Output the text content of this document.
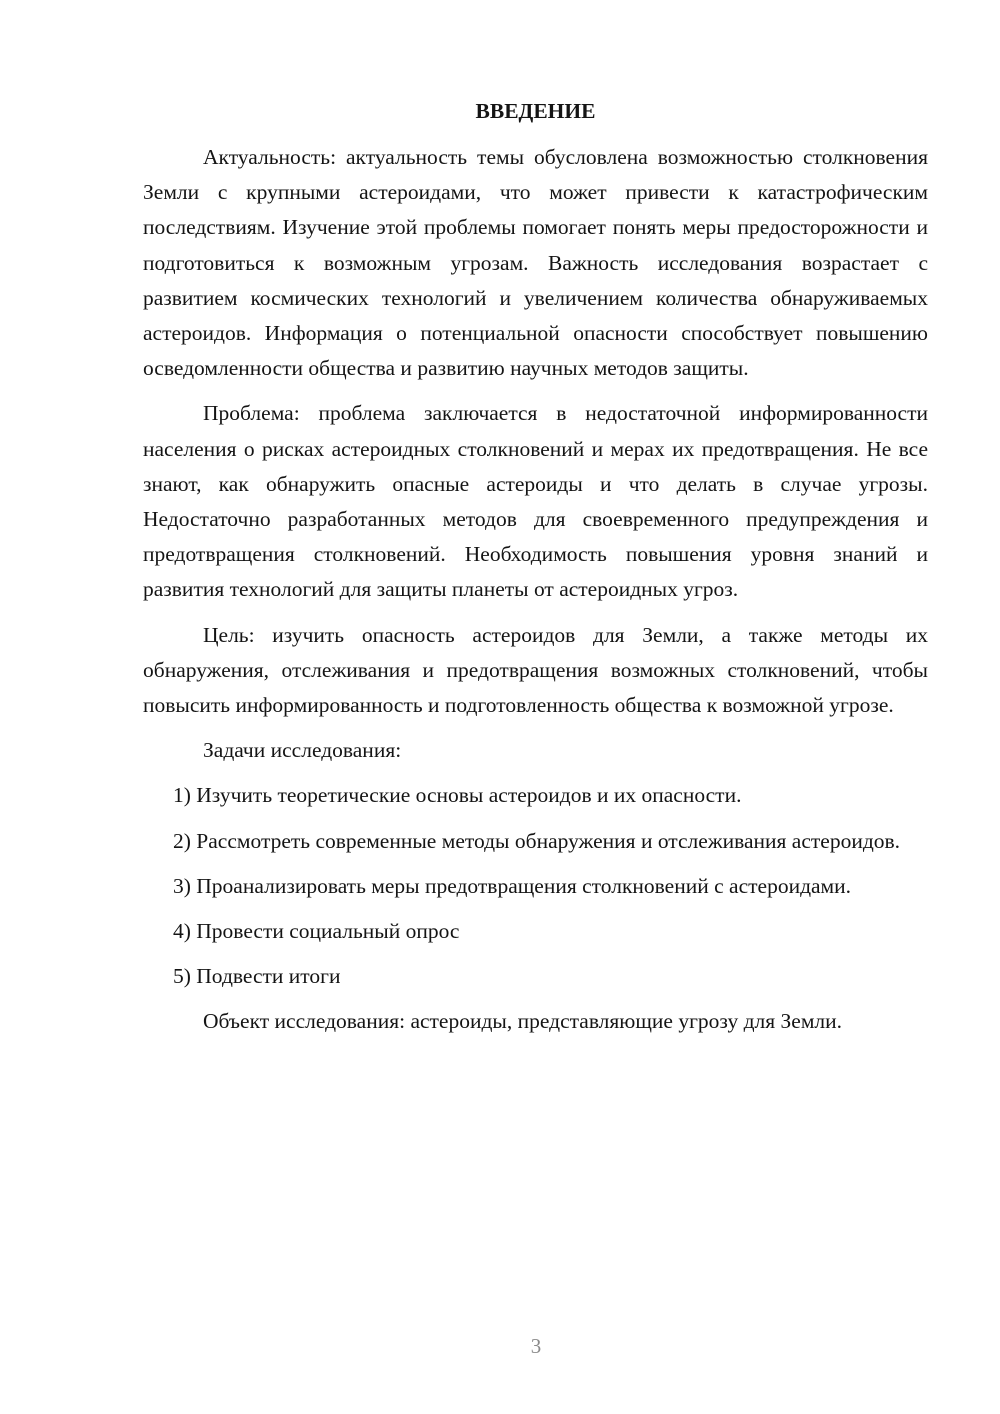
ВВЕДЕНИЕ

Актуальность: актуальность темы обусловлена возможностью столкновения Земли с крупными астероидами, что может привести к катастрофическим последствиям. Изучение этой проблемы помогает понять меры предосторожности и подготовиться к возможным угрозам. Важность исследования возрастает с развитием космических технологий и увеличением количества обнаруживаемых астероидов. Информация о потенциальной опасности способствует повышению осведомленности общества и развитию научных методов защиты.

Проблема: проблема заключается в недостаточной информированности населения о рисках астероидных столкновений и мерах их предотвращения. Не все знают, как обнаружить опасные астероиды и что делать в случае угрозы. Недостаточно разработанных методов для своевременного предупреждения и предотвращения столкновений. Необходимость повышения уровня знаний и развития технологий для защиты планеты от астероидных угроз.

Цель: изучить опасность астероидов для Земли, а также методы их обнаружения, отслеживания и предотвращения возможных столкновений, чтобы повысить информированность и подготовленность общества к возможной угрозе.

Задачи исследования:

1) Изучить теоретические основы астероидов и их опасности.

2) Рассмотреть современные методы обнаружения и отслеживания астероидов.

3) Проанализировать меры предотвращения столкновений с астероидами.

4) Провести социальный опрос

5) Подвести итоги

Объект исследования: астероиды, представляющие угрозу для Земли.

3
